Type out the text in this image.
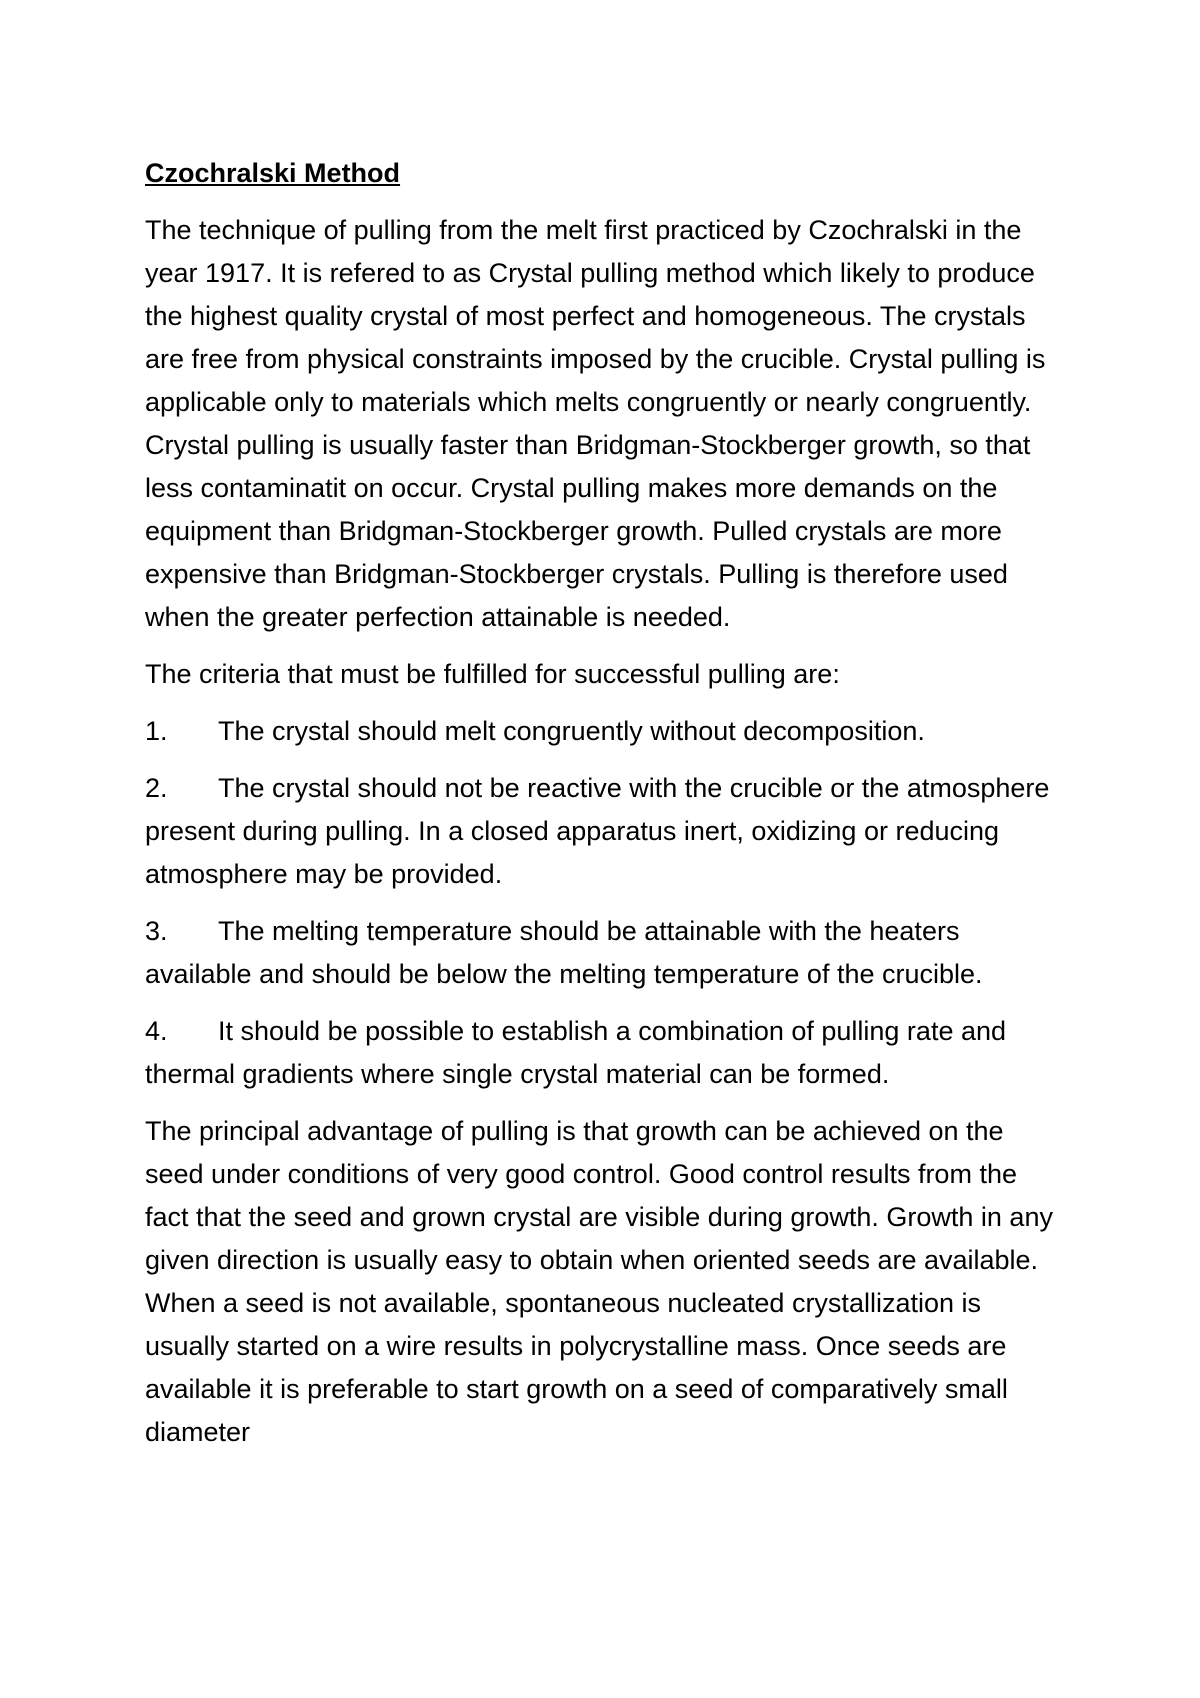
Czochralski Method

The technique of pulling from the melt first practiced by Czochralski in the year 1917. It is refered to as Crystal pulling method which likely to produce the highest quality crystal of most perfect and homogeneous. The crystals are free from physical constraints imposed by the crucible. Crystal pulling is applicable only to materials which melts congruently or nearly congruently. Crystal pulling is usually faster than Bridgman-Stockberger growth, so that less contaminatit on occur. Crystal pulling makes more demands on the equipment than Bridgman-Stockberger growth. Pulled crystals are more expensive than Bridgman-Stockberger crystals. Pulling is therefore used when the greater perfection attainable is needed.

The criteria that must be fulfilled for successful pulling are:

1. The crystal should melt congruently without decomposition.
2. The crystal should not be reactive with the crucible or the atmosphere present during pulling. In a closed apparatus inert, oxidizing or reducing atmosphere may be provided.
3. The melting temperature should be attainable with the heaters available and should be below the melting temperature of the crucible.
4. It should be possible to establish a combination of pulling rate and thermal gradients where single crystal material can be formed.

The principal advantage of pulling is that growth can be achieved on the seed under conditions of very good control. Good control results from the fact that the seed and grown crystal are visible during growth. Growth in any given direction is usually easy to obtain when oriented seeds are available. When a seed is not available, spontaneous nucleated crystallization is usually started on a wire results in polycrystalline mass. Once seeds are available it is preferable to start growth on a seed of comparatively small diameter
